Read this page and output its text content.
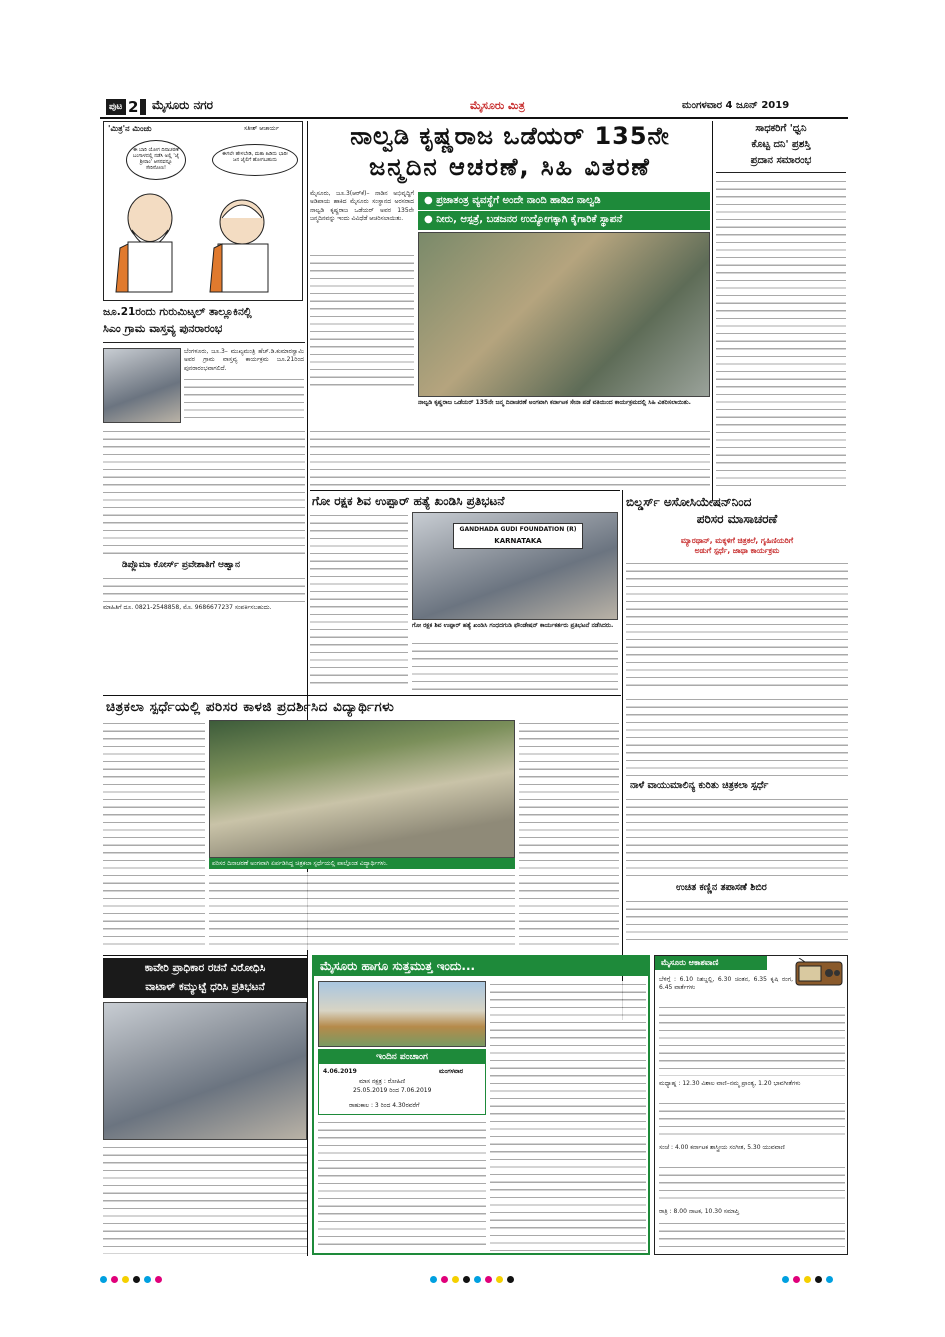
ಪುಟ 2 ಮೈಸೂರು ನಗರ	ಮೈಸೂರು ಮಿತ್ರ	ಮಂಗಳವಾರ 4 ಜೂನ್ 2019
'ಮಿತ್ರ'ನ ಮಿಂಚು	ಸತೀಶ್ ಆಚಾರ್ಯ
ಈ ಬಾರಿ ಯೋಗ ದಿನಾಚರಣೆ ಬಂಗಾಳದಲ್ಲಿ ನಡೆಸಿ ಅಲ್ಲಿ 'ಜೈ ಶ್ರೀರಾಂ' ಆಸನವನ್ನೂ ಸೇರಿಸೋಣ!
ಈಗಲೇ ಹೇಳಬೇಡಿ, ಮತಾ ಹಿಡಿದು ಭಾರೀ ಜನ ಜೈಲಿಗೆ ಹೋಗಬಹುದು
ಜೂ.21ರಂದು ಗುರುಮಿಟ್ಕಲ್ ತಾಲ್ಲೂಕಿನಲ್ಲಿ
ಸಿಎಂ ಗ್ರಾಮ ವಾಸ್ತವ್ಯ ಪುನರಾರಂಭ
ಬೆಂಗಳೂರು, ಜೂ.3– ಮುಖ್ಯಮಂತ್ರಿ ಹೆಚ್.ಡಿ.ಕುಮಾರಸ್ವಾಮಿ ಅವರ ಗ್ರಾಮ ವಾಸ್ತವ್ಯ ಕಾರ್ಯಕ್ರಮ ಜೂ.21ರಿಂದ ಪುನರಾರಂಭವಾಗಲಿದೆ.
ಡಿಪ್ಲೊಮಾ ಕೋರ್ಸ್ ಪ್ರವೇಶಾತಿಗೆ ಆಹ್ವಾನ
ಮಾಹಿತಿಗೆ ದೂ. 0821-2548858, ಮೊ. 9686677237 ಸಂಪರ್ಕಿಸಬಹುದು.
ನಾಲ್ವಡಿ ಕೃಷ್ಣರಾಜ ಒಡೆಯರ್ 135ನೇ
ಜನ್ಮದಿನ ಆಚರಣೆ, ಸಿಹಿ ವಿತರಣೆ
ಮೈಸೂರು, ಜೂ.3(ಆರ್‌ಕೆ)– ನಾಡಿನ ಅಭಿವೃದ್ಧಿಗೆ ಅಡಿಪಾಯ ಹಾಕಿದ ಮೈಸೂರು ಸಂಸ್ಥಾನದ ಅರಸರಾದ ನಾಲ್ವಡಿ ಕೃಷ್ಣರಾಜ ಒಡೆಯರ್ ಅವರ 135ನೇ ಜನ್ಮದಿನವನ್ನು ಇಂದು ವಿವಿಧೆಡೆ ಆಚರಿಸಲಾಯಿತು.
● ಪ್ರಜಾತಂತ್ರ ವ್ಯವಸ್ಥೆಗೆ ಅಂದೇ ನಾಂದಿ ಹಾಡಿದ ನಾಲ್ವಡಿ
● ನೀರು, ಆಸ್ಪತ್ರೆ, ಬಡಜನರ ಉದ್ಯೋಗಕ್ಕಾಗಿ ಕೈಗಾರಿಕೆ ಸ್ಥಾಪನೆ
ನಾಲ್ವಡಿ ಕೃಷ್ಣರಾಜ ಒಡೆಯರ್ 135ನೇ ಜನ್ಮ ದಿನಾಚರಣೆ ಅಂಗವಾಗಿ ಕರ್ನಾಟಕ ಸೇನಾ ಪಡೆ ವತಿಯಿಂದ ಕಾರ್ಯಕ್ರಮದಲ್ಲಿ ಸಿಹಿ ವಿತರಿಸಲಾಯಿತು.
ಸಾಧಕರಿಗೆ 'ಧ್ವನಿ
ಕೊಟ್ಟ ದನಿ' ಪ್ರಶಸ್ತಿ
ಪ್ರದಾನ ಸಮಾರಂಭ
ಗೋ ರಕ್ಷಕ ಶಿವ ಉಪ್ಪಾರ್ ಹತ್ಯೆ ಖಂಡಿಸಿ ಪ್ರತಿಭಟನೆ
GANDHADA GUDI FOUNDATION (R)
KARNATAKA
ಗೋ ರಕ್ಷಕ ಶಿವ ಉಪ್ಪಾರ್ ಹತ್ಯೆ ಖಂಡಿಸಿ ಗಂಧದಗುಡಿ ಫೌಂಡೇಷನ್ ಕಾರ್ಯಕರ್ತರು ಪ್ರತಿಭಟನೆ ನಡೆಸಿದರು.
ಬಿಲ್ಡರ್ಸ್ ಅಸೋಸಿಯೇಷನ್‌ನಿಂದ
ಪರಿಸರ ಮಾಸಾಚರಣೆ
ಮ್ಯಾರಥಾನ್, ಮಕ್ಕಳಿಗೆ ಚಿತ್ರಕಲೆ, ಗೃಹಿಣಿಯರಿಗೆ
ಅಡುಗೆ ಸ್ಪರ್ಧೆ, ಜಾಥಾ ಕಾರ್ಯಕ್ರಮ
ಚಿತ್ರಕಲಾ ಸ್ಪರ್ಧೆಯಲ್ಲಿ ಪರಿಸರ ಕಾಳಜಿ ಪ್ರದರ್ಶಿಸಿದ ವಿದ್ಯಾರ್ಥಿಗಳು
ಪರಿಸರ ದಿನಾಚರಣೆ ಅಂಗವಾಗಿ ಏರ್ಪಡಿಸಿದ್ದ ಚಿತ್ರಕಲಾ ಸ್ಪರ್ಧೆಯಲ್ಲಿ ಪಾಲ್ಗೊಂಡ ವಿದ್ಯಾರ್ಥಿಗಳು.
ನಾಳೆ ವಾಯುಮಾಲಿನ್ಯ ಕುರಿತು ಚಿತ್ರಕಲಾ ಸ್ಪರ್ಧೆ
ಉಚಿತ ಕಣ್ಣಿನ ತಪಾಸಣೆ ಶಿಬಿರ
ಕಾವೇರಿ ಪ್ರಾಧಿಕಾರ ರಚನೆ ವಿರೋಧಿಸಿ
ವಾಟಾಳ್ ಕಮ್ಯುಟ್ಟೆ ಧರಿಸಿ ಪ್ರತಿಭಟನೆ
ಮೈಸೂರು ಹಾಗೂ ಸುತ್ತಮುತ್ತ ಇಂದು...
ಇಂದಿನ ಪಂಚಾಂಗ
4.06.2019	ಮಂಗಳವಾರ
ಮಾಸ ನಕ್ಷತ್ರ : ರೋಹಿಣಿ
25.05.2019 ರಿಂದ 7.06.2019
ರಾಹುಕಾಲ : 3 ರಿಂದ 4.30ರವರೆಗೆ
ಮೈಸೂರು ಆಕಾಶವಾಣಿ
ಬೆಳಿಗ್ಗೆ : 6.10 ನಿಶಬ್ದಲ್ಲಿ, 6.30 ಚಿಂತನ, 6.35 ಕೃಷಿ ರಂಗ, 6.45 ವಾರ್ತೆಗಳು
ಮಧ್ಯಾಹ್ನ : 12.30 ವಿಶಾಲ ವಾಣಿ–ನಮ್ಮ ಪ್ರಾಂತ್ಯ, 1.20 ಭಾವಗೀತೆಗಳು
ಸಂಜೆ : 4.00 ಕರ್ನಾಟಕ ಶಾಸ್ತ್ರೀಯ ಸಂಗೀತ, 5.30 ಯುವವಾಣಿ
ರಾತ್ರಿ : 8.00 ನಾಟಕ, 10.30 ಸಮಾಪ್ತಿ
